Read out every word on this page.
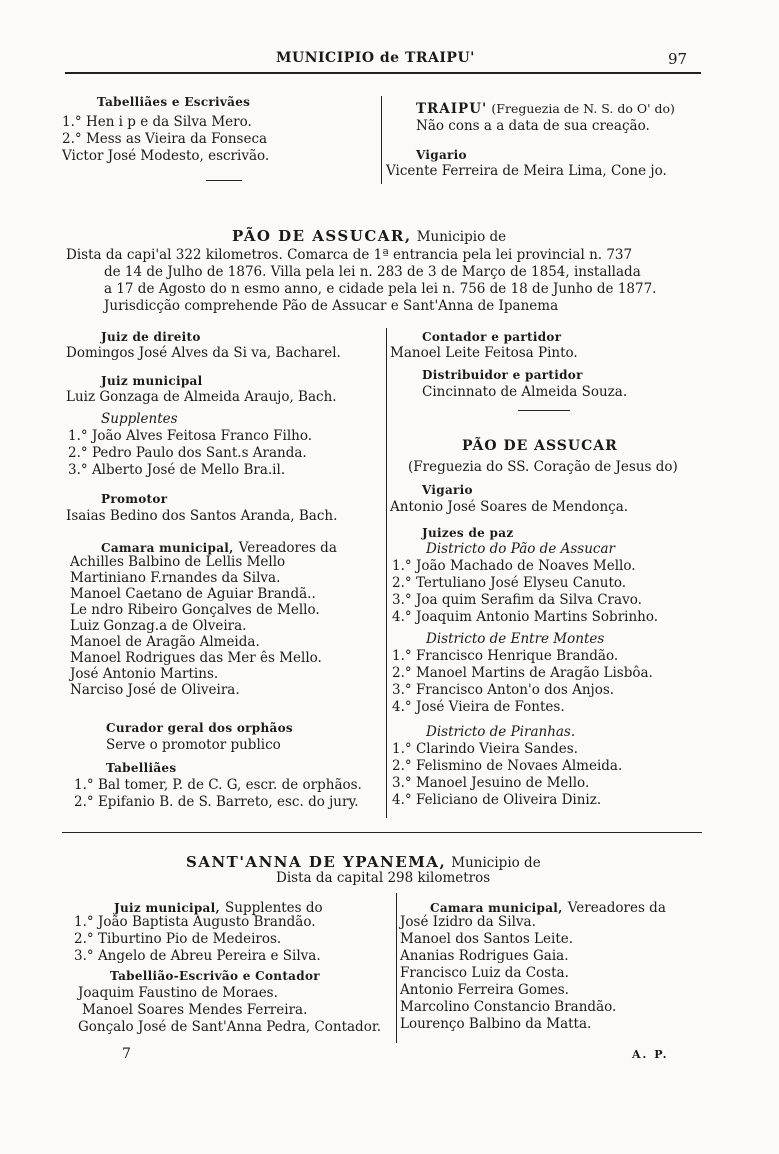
MUNICIPIO de TRAIPU'	97
Tabelliães e Escrivães
1.° Hen i p e da Silva Mero.
2.° Mess as Vieira da Fonseca
Victor José Modesto, escrivão.
TRAIPU' (Freguezia de N. S. do O' do)
Não cons a a data de sua creação.
Vigario
Vicente Ferreira de Meira Lima, Cone jo.
PÃO DE ASSUCAR, Municipio de
Dista da capi'al 322 kilometros. Comarca de 1ª entrancia pela lei provincial n. 737
de 14 de Julho de 1876. Villa pela lei n. 283 de 3 de Março de 1854, installada
a 17 de Agosto do n esmo anno, e cidade pela lei n. 756 de 18 de Junho de 1877.
Jurisdicção comprehende Pão de Assucar e Sant'Anna de Ipanema
Juiz de direito
Domingos José Alves da Si va, Bacharel.
Juiz municipal
Luiz Gonzaga de Almeida Araujo, Bach.
Supplentes
1.° João Alves Feitosa Franco Filho.
2.° Pedro Paulo dos Sant.s Aranda.
3.° Alberto José de Mello Bra.il.
Promotor
Isaias Bedino dos Santos Aranda, Bach.
Camara municipal, Vereadores da
Achilles Balbino de Lellis Mello
Martiniano F.rnandes da Silva.
Manoel Caetano de Aguiar Brandã..
Le ndro Ribeiro Gonçalves de Mello.
Luiz Gonzag.a de Olveira.
Manoel de Aragão Almeida.
Manoel Rodrigues das Mer ês Mello.
José Antonio Martins.
Narciso José de Oliveira.
Curador geral dos orphãos
Serve o promotor publico
Tabelliães
1.° Bal tomer, P. de C. G, escr. de orphãos.
2.° Epifanio B. de S. Barreto, esc. do jury.
Contador e partidor
Manoel Leite Feitosa Pinto.
Distribuidor e partidor
Cincinnato de Almeida Souza.
PÃO DE ASSUCAR
(Freguezia do SS. Coração de Jesus do)
Vigario
Antonio José Soares de Mendonça.
Juizes de paz
Districto do Pão de Assucar
1.° João Machado de Noaves Mello.
2.° Tertuliano José Elyseu Canuto.
3.° Joa quim Serafim da Silva Cravo.
4.° Joaquim Antonio Martins Sobrinho.
Districto de Entre Montes
1.° Francisco Henrique Brandão.
2.° Manoel Martins de Aragão Lisbôa.
3.° Francisco Anton'o dos Anjos.
4.° José Vieira de Fontes.
Districto de Piranhas.
1.° Clarindo Vieira Sandes.
2.° Felismino de Novaes Almeida.
3.° Manoel Jesuino de Mello.
4.° Feliciano de Oliveira Diniz.
SANT'ANNA DE YPANEMA, Municipio de
Dista da capital 298 kilometros
Juiz municipal, Supplentes do
1.° João Baptista Augusto Brandão.
2.° Tiburtino Pio de Medeiros.
3.° Angelo de Abreu Pereira e Silva.
Tabellião-Escrivão e Contador
Joaquim Faustino de Moraes.
Manoel Soares Mendes Ferreira.
Gonçalo José de Sant'Anna Pedra, Contador.
Camara municipal, Vereadores da
José Izidro da Silva.
Manoel dos Santos Leite.
Ananias Rodrigues Gaia.
Francisco Luiz da Costa.
Antonio Ferreira Gomes.
Marcolino Constancio Brandão.
Lourenço Balbino da Matta.
7	A. P.
